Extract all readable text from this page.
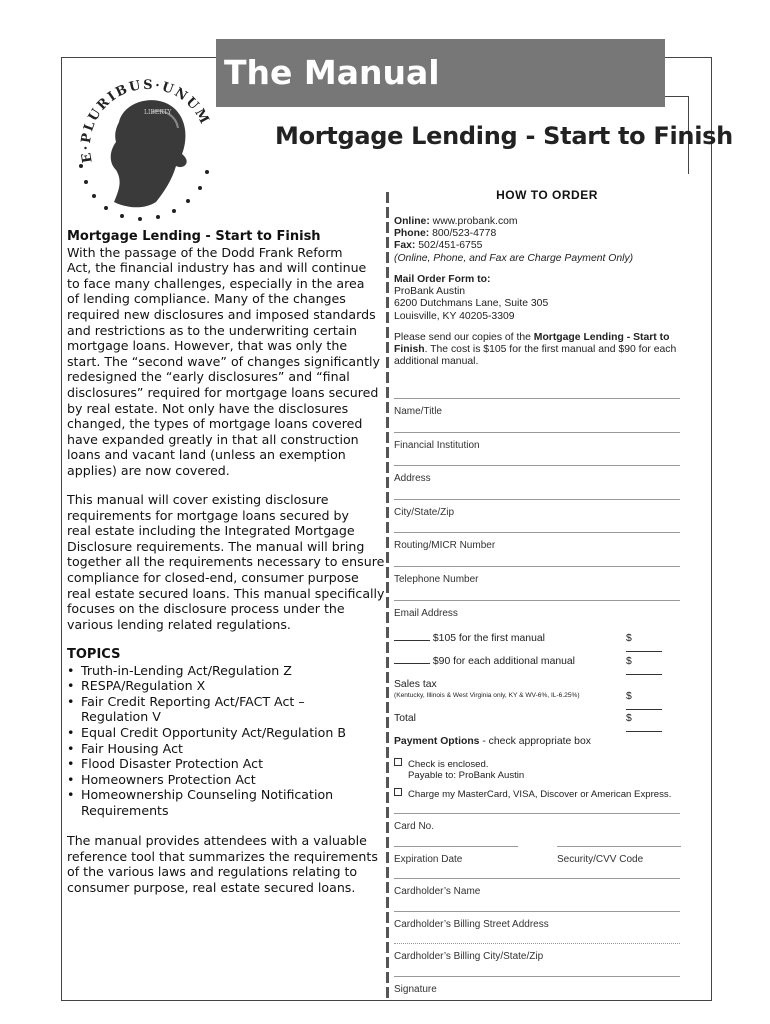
The Manual
Mortgage Lending - Start to Finish
E·PLURIBUS·UNUM
LIBERTY
Mortgage Lending - Start to Finish
With the passage of the Dodd Frank Reform
Act, the financial industry has and will continue
to face many challenges, especially in the area
of lending compliance. Many of the changes
required new disclosures and imposed standards
and restrictions as to the underwriting certain
mortgage loans. However, that was only the
start. The “second wave” of changes significantly
redesigned the “early disclosures” and “final
disclosures” required for mortgage loans secured
by real estate. Not only have the disclosures
changed, the types of mortgage loans covered
have expanded greatly in that all construction
loans and vacant land (unless an exemption
applies) are now covered.
This manual will cover existing disclosure
requirements for mortgage loans secured by
real estate including the Integrated Mortgage
Disclosure requirements. The manual will bring
together all the requirements necessary to ensure
compliance for closed-end, consumer purpose
real estate secured loans. This manual specifically
focuses on the disclosure process under the
various lending related regulations.
TOPICS
• Truth-in-Lending Act/Regulation Z
• RESPA/Regulation X
• Fair Credit Reporting Act/FACT Act –
Regulation V
• Equal Credit Opportunity Act/Regulation B
• Fair Housing Act
• Flood Disaster Protection Act
• Homeowners Protection Act
• Homeownership Counseling Notification
Requirements
The manual provides attendees with a valuable
reference tool that summarizes the requirements
of the various laws and regulations relating to
consumer purpose, real estate secured loans.
HOW TO ORDER
Online: www.probank.com
Phone: 800/523-4778
Fax: 502/451-6755
(Online, Phone, and Fax are Charge Payment Only)
Mail Order Form to:
ProBank Austin
6200 Dutchmans Lane, Suite 305
Louisville, KY 40205-3309
Please send our copies of the Mortgage Lending - Start to
Finish. The cost is $105 for the first manual and $90 for each
additional manual.
Name/Title
Financial Institution
Address
City/State/Zip
Routing/MICR Number
Telephone Number
Email Address
$105 for the first manual	$
$90 for each additional manual	$
Sales tax
(Kentucky, Illinois & West Virginia only, KY & WV-6%, IL-6.25%)	$
Total	$
Payment Options - check appropriate box
Check is enclosed.
Payable to: ProBank Austin
Charge my MasterCard, VISA, Discover or American Express.
Card No.
Expiration Date	Security/CVV Code
Cardholder’s Name
Cardholder’s Billing Street Address
Cardholder’s Billing City/State/Zip
Signature
